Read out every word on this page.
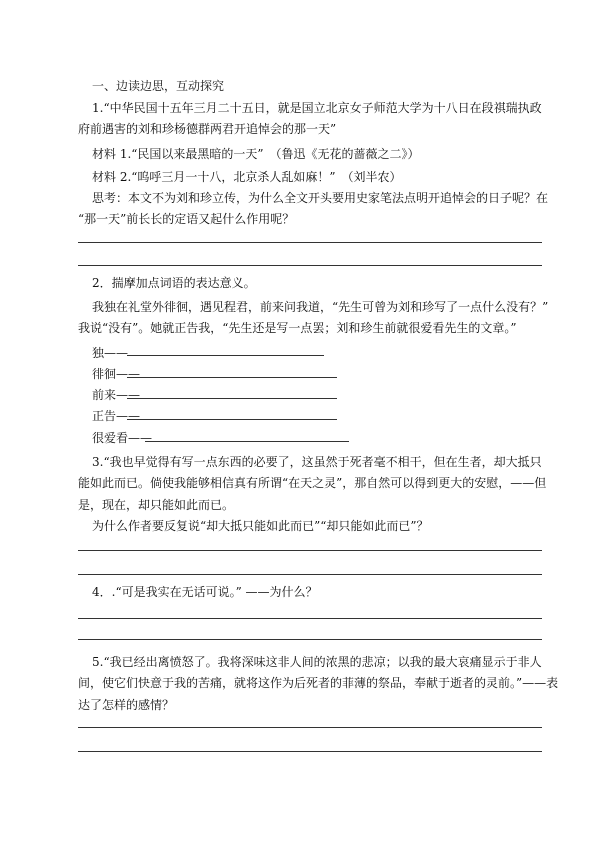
一、边读边思，互动探究
1.“中华民国十五年三月二十五日，就是国立北京女子师范大学为十八日在段祺瑞执政
府前遇害的刘和珍杨德群两君开追悼会的那一天”
材料 1.“民国以来最黑暗的一天”　（鲁迅《无花的蔷薇之二》）
材料 2.“呜呼三月一十八，北京杀人乱如麻！”　（刘半农）
思考：本文不为刘和珍立传，为什么全文开头要用史家笔法点明开追悼会的日子呢？在
“那一天”前长长的定语又起什么作用呢？
2．揣摩加点词语的表达意义。
我独在礼堂外徘徊，遇见程君，前来问我道，“先生可曾为刘和珍写了一点什么没有？”
我说“没有”。她就正告我，“先生还是写一点罢；刘和珍生前就很爱看先生的文章。”
独——
徘徊——
前来——
正告——
很爱看——
3.“我也早觉得有写一点东西的必要了，这虽然于死者毫不相干，但在生者，却大抵只
能如此而已。倘使我能够相信真有所谓“在天之灵”，那自然可以得到更大的安慰，——但
是，现在，却只能如此而已。
为什么作者要反复说“却大抵只能如此而已”“却只能如此而已”？
4．.“可是我实在无话可说。” ——为什么？
5.“我已经出离愤怒了。我将深味这非人间的浓黑的悲凉；以我的最大哀痛显示于非人
间，使它们快意于我的苦痛，就将这作为后死者的菲薄的祭品，奉献于逝者的灵前。”——表
达了怎样的感情？
